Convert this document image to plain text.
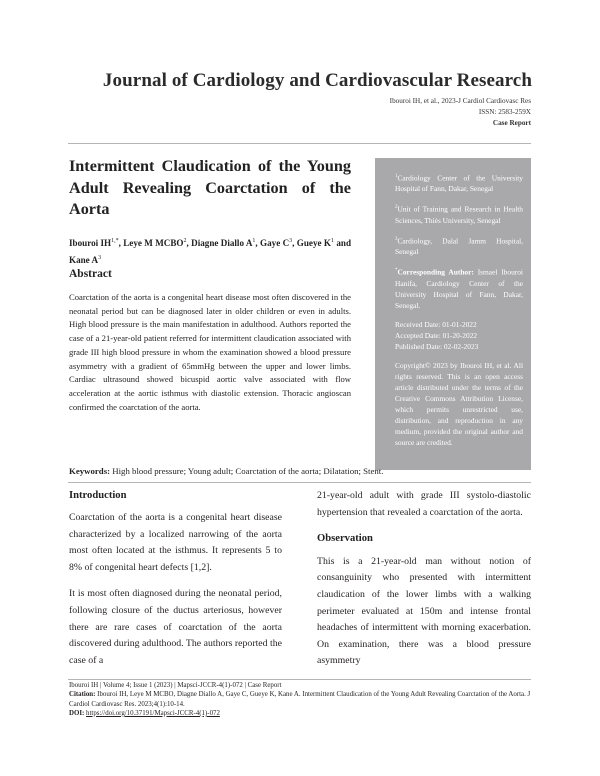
Journal of Cardiology and Cardiovascular Research
Ibouroi IH, et al., 2023-J Cardiol Cardiovasc Res
ISSN: 2583-259X
Case Report
Intermittent Claudication of the Young Adult Revealing Coarctation of the Aorta
Ibouroi $IH^{1,*}$, Leye M MCBO$^2$, Diagne Diallo $A^1$, Gaye $C^3$, Gueye $K^1$ and Kane $A^3$
Abstract
Coarctation of the aorta is a congenital heart disease most often discovered in the neonatal period but can be diagnosed later in older children or even in adults. High blood pressure is the main manifestation in adulthood. Authors reported the case of a 21-year-old patient referred for intermittent claudication associated with grade III high blood pressure in whom the examination showed a blood pressure asymmetry with a gradient of 65mmHg between the upper and lower limbs. Cardiac ultrasound showed bicuspid aortic valve associated with flow acceleration at the aortic isthmus with diastolic extension. Thoracic angioscan confirmed the coarctation of the aorta.

$^1$Cardiology Center of the University Hospital of Fann, Dakar, Senegal

$^2$Unit of Training and Research in Health Sciences, Thiès University, Senegal

$^3$Cardiology, Dalal Jamm Hospital, Senegal

*Corresponding Author: Ismael Ibouroi Hanifa, Cardiology Center of the University Hospital of Fann, Dakar, Senegal.

Received Date: 01-01-2022

Accepted Date: 01-20-2022

Published Date: 02-02-2023

Copyright© 2023 by Ibouroi IH, et al. All rights reserved. This is an open access article distributed under the terms of the Creative Commons Attribution License, which permits unrestricted use, distribution, and reproduction in any medium, provided the original author and source are credited.

Keywords: High blood pressure; Young adult; Coarctation of the aorta; Dilatation; Stent.
Introduction

Coarctation of the aorta is a congenital heart disease characterized by a localized narrowing of the aorta most often located at the isthmus. It represents 5 to 8% of congenital heart defects [1,2].

It is most often diagnosed during the neonatal period, following closure of the ductus arteriosus, however there are rare cases of coarctation of the aorta discovered during adulthood. The authors reported the case of a

21-year-old adult with grade III systolo-diastolic hypertension that revealed a coarctation of the aorta.

Observation

This is a 21-year-old man without notion of consanguinity who presented with intermittent claudication of the lower limbs with a walking perimeter evaluated at 150m and intense frontal headaches of intermittent with morning exacerbation. On examination, there was a blood pressure asymmetry

Ibouroi IH | Volume 4; Issue 1 (2023) | Mapsci-JCCR-4(1)-072 | Case Report
Citation: Ibouroi IH, Leye M MCBO, Diagne Diallo A, Gaye C, Gueye K, Kane A. Intermittent Claudication of the Young Adult Revealing Coarctation of the Aorta. J Cardiol Cardiovasc Res. 2023;4(1):10-14.
DOI: https://doi.org/10.37191/Mapsci-JCCR-4(1)-072
